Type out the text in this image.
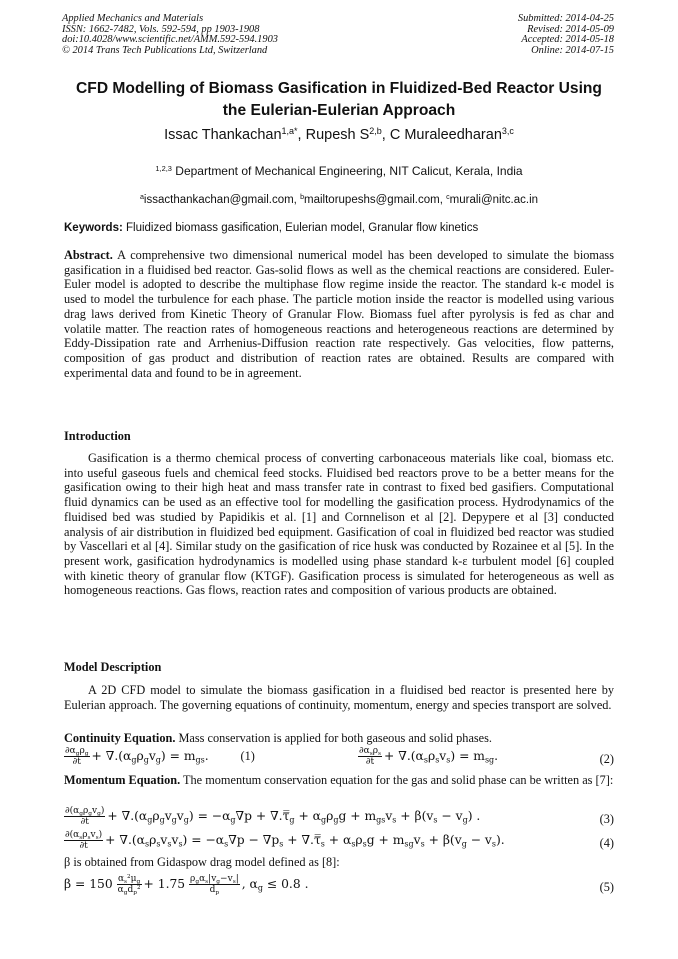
Applied Mechanics and Materials
ISSN: 1662-7482, Vols. 592-594, pp 1903-1908
doi:10.4028/www.scientific.net/AMM.592-594.1903
© 2014 Trans Tech Publications Ltd, Switzerland
Submitted: 2014-04-25
Revised: 2014-05-09
Accepted: 2014-05-18
Online: 2014-07-15
CFD Modelling of Biomass Gasification in Fluidized-Bed Reactor Using
the Eulerian-Eulerian Approach
Issac Thankachan$^{1,a*}$, Rupesh S$^{2,b}$, C Muraleedharan$^{3,c}$
$^{1,2,3}$ Department of Mechanical Engineering, NIT Calicut, Kerala, India
$^a$issacthankachan@gmail.com, $^b$mailtorupeshs@gmail.com, $^c$murali@nitc.ac.in
Keywords: Fluidized biomass gasification, Eulerian model, Granular flow kinetics
Abstract. A comprehensive two dimensional numerical model has been developed to simulate the biomass gasification in a fluidised bed reactor. Gas-solid flows as well as the chemical reactions are considered. Euler-Euler model is adopted to describe the multiphase flow regime inside the reactor. The standard k-ϵ model is used to model the turbulence for each phase. The particle motion inside the reactor is modelled using various drag laws derived from Kinetic Theory of Granular Flow. Biomass fuel after pyrolysis is fed as char and volatile matter. The reaction rates of homogeneous reactions and heterogeneous reactions are determined by Eddy-Dissipation rate and Arrhenius-Diffusion reaction rate respectively. Gas velocities, flow patterns, composition of gas product and distribution of reaction rates are obtained. Results are compared with experimental data and found to be in agreement.
Introduction
Gasification is a thermo chemical process of converting carbonaceous materials like coal, biomass etc. into useful gaseous fuels and chemical feed stocks. Fluidised bed reactors prove to be a better means for the gasification owing to their high heat and mass transfer rate in contrast to fixed bed gasifiers. Computational fluid dynamics can be used as an effective tool for modelling the gasification process. Hydrodynamics of the fluidised bed was studied by Papidikis et al. [1] and Cornnelison et al [2]. Depypere et al [3] conducted analysis of air distribution in fluidized bed equipment. Gasification of coal in fluidized bed reactor was studied by Vascellari et al [4]. Similar study on the gasification of rice husk was conducted by Rozainee et al [5]. In the present work, gasification hydrodynamics is modelled using phase standard k-ε turbulent model [6] coupled with kinetic theory of granular flow (KTGF). Gasification process is simulated for heterogeneous as well as homogeneous reactions. Gas flows, reaction rates and composition of various products are obtained.
Model Description
A 2D CFD model to simulate the biomass gasification in a fluidised bed reactor is presented here by Eulerian approach. The governing equations of continuity, momentum, energy and species transport are solved.
Continuity Equation. Mass conservation is applied for both gaseous and solid phases.
$\frac{\partial\alpha_g\rho_g}{\partial t} + \nabla.(\alpha_g\rho_gv_g) = m_{gs}$. (1)	$\frac{\partial\alpha_s\rho_s}{\partial t} + \nabla.(\alpha_s\rho_sv_s) = m_{sg}$.	(2)
Momentum Equation. The momentum conservation equation for the gas and solid phase can be written as [7]:
$\frac{\partial(\alpha_g\rho_gv_g)}{\partial t} + \nabla.(\alpha_g\rho_gv_gv_g) = -\alpha_g\nabla p$ + $\nabla.\tau̿_g + \alpha_g\rho_gg + m_{gs}v_s + \beta(v_s - v_g)$ .	(3)
$\frac{\partial(\alpha_s\rho_sv_s)}{\partial t} + \nabla.(\alpha_s\rho_sv_sv_s) = -\alpha_s\nabla p - \nabla p_s$ + $\nabla.\tau̿_s + \alpha_s\rho_sg + m_{sg}v_s + \beta(v_g - v_s)$.	(4)
β is obtained from Gidaspow drag model defined as [8]:
$\beta = 150 \frac{\alpha_s^2\mu_g}{\alpha_gd_p^2} + 1.75 \frac{\rho_g\alpha_s|v_g-v_s|}{d_p}$ , $\alpha_g \le 0.8$ .	(5)
